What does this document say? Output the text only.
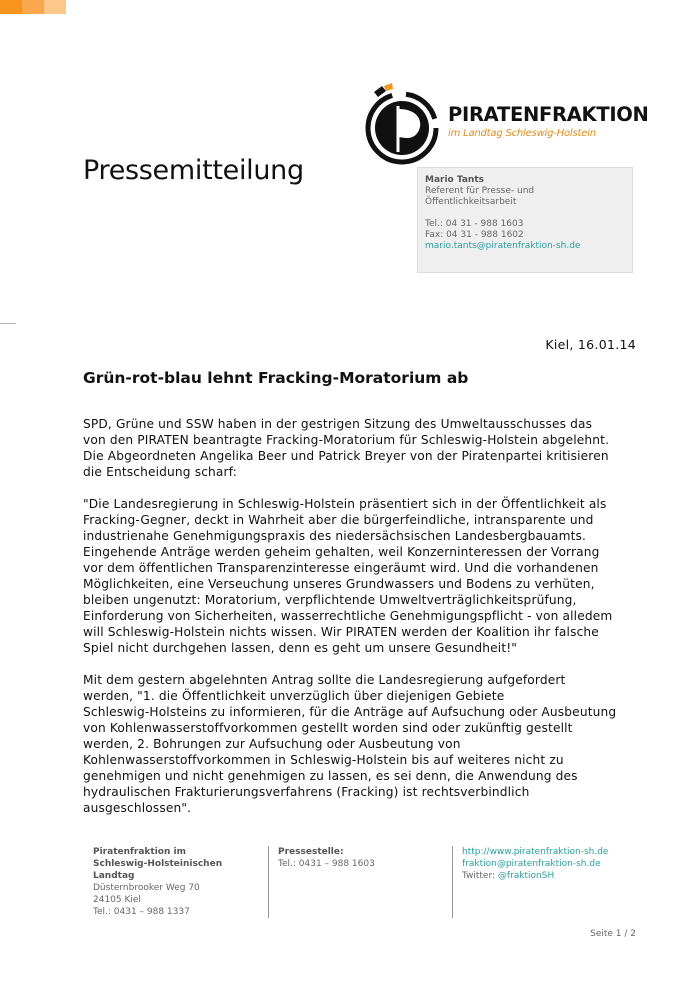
PIRATENFRAKTION
im Landtag Schleswig-Holstein
Pressemitteilung	Mario Tants
Referent für Presse- und
Öffentlichkeitsarbeit
Tel.: 04 31 - 988 1603
Fax: 04 31 - 988 1602
mario.tants@piratenfraktion-sh.de
Kiel, 16.01.14
Grün-rot-blau lehnt Fracking-Moratorium ab

SPD, Grüne und SSW haben in der gestrigen Sitzung des Umweltausschusses das
von den PIRATEN beantragte Fracking-Moratorium für Schleswig-Holstein abgelehnt.
Die Abgeordneten Angelika Beer und Patrick Breyer von der Piratenpartei kritisieren
die Entscheidung scharf:

"Die Landesregierung in Schleswig-Holstein präsentiert sich in der Öffentlichkeit als
Fracking-Gegner, deckt in Wahrheit aber die bürgerfeindliche, intransparente und
industrienahe Genehmigungspraxis des niedersächsischen Landesbergbauamts.
Eingehende Anträge werden geheim gehalten, weil Konzerninteressen der Vorrang
vor dem öffentlichen Transparenzinteresse eingeräumt wird. Und die vorhandenen
Möglichkeiten, eine Verseuchung unseres Grundwassers und Bodens zu verhüten,
bleiben ungenutzt: Moratorium, verpflichtende Umweltverträglichkeitsprüfung,
Einforderung von Sicherheiten, wasserrechtliche Genehmigungspflicht - von alledem
will Schleswig-Holstein nichts wissen. Wir PIRATEN werden der Koalition ihr falsche
Spiel nicht durchgehen lassen, denn es geht um unsere Gesundheit!"

Mit dem gestern abgelehnten Antrag sollte die Landesregierung aufgefordert
werden, "1. die Öffentlichkeit unverzüglich über diejenigen Gebiete
Schleswig-Holsteins zu informieren, für die Anträge auf Aufsuchung oder Ausbeutung
von Kohlenwasserstoffvorkommen gestellt worden sind oder zukünftig gestellt
werden, 2. Bohrungen zur Aufsuchung oder Ausbeutung von
Kohlenwasserstoffvorkommen in Schleswig-Holstein bis auf weiteres nicht zu
genehmigen und nicht genehmigen zu lassen, es sei denn, die Anwendung des
hydraulischen Frakturierungsverfahrens (Fracking) ist rechtsverbindlich
ausgeschlossen".

Piratenfraktion im
Schleswig-Holsteinischen
Landtag
Düsternbrooker Weg 70
24105 Kiel
Tel.: 0431 – 988 1337
Pressestelle:
Tel.: 0431 – 988 1603
http://www.piratenfraktion-sh.de
fraktion@piratenfraktion-sh.de
Twitter: @fraktionSH
Seite 1 / 2
